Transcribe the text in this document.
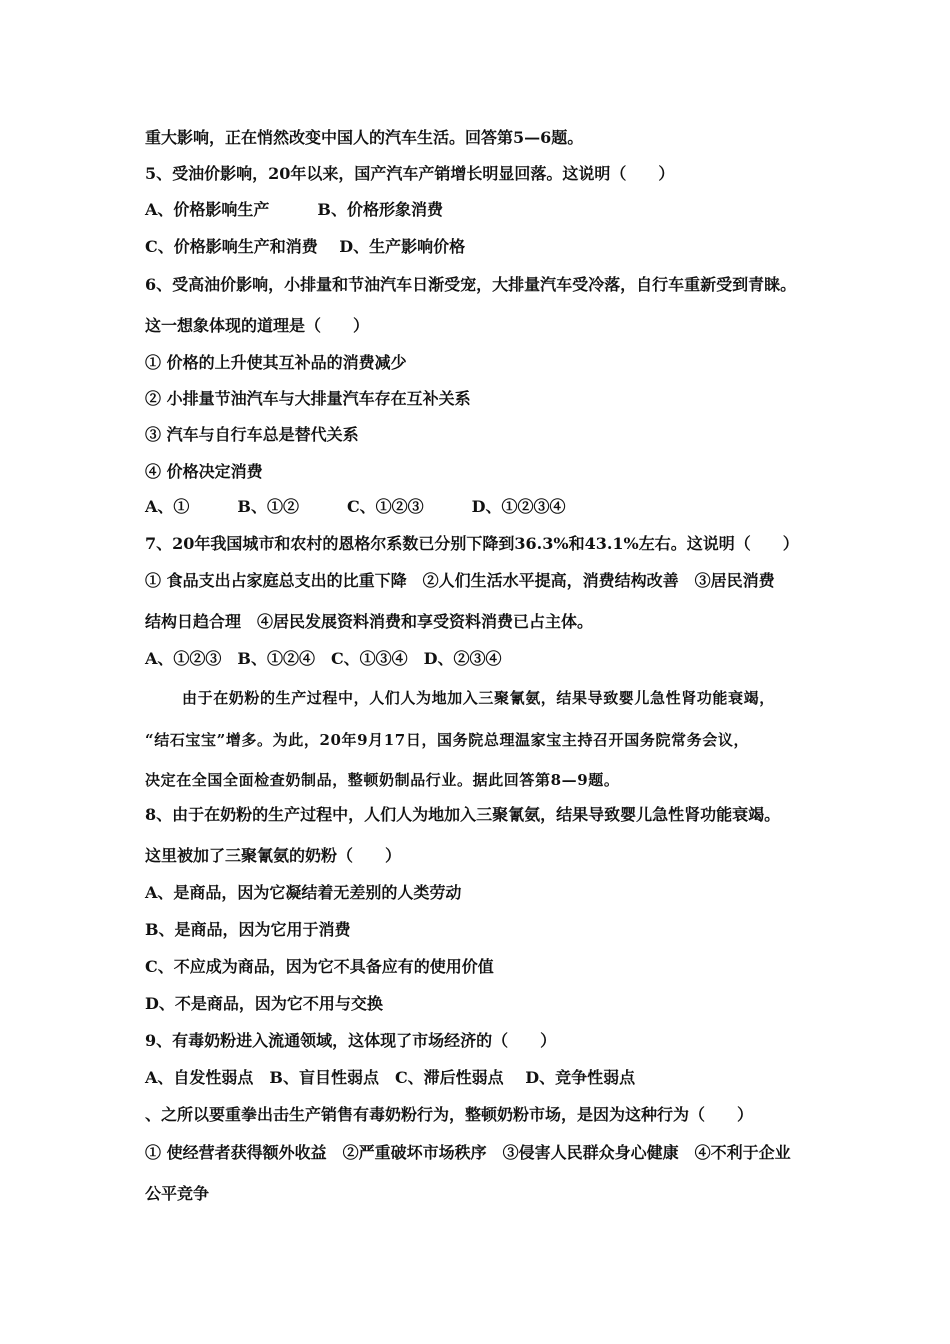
重大影响，正在悄然改变中国人的汽车生活。回答第5—6题。
5、受油价影响，20年以来，国产汽车产销增长明显回落。这说明（　　）
A、价格影响生产　　　B、价格形象消费
C、价格影响生产和消费　 D、生产影响价格
6、受高油价影响，小排量和节油汽车日渐受宠，大排量汽车受冷落，自行车重新受到青睐。
这一想象体现的道理是（　　）
① 价格的上升使其互补品的消费减少
② 小排量节油汽车与大排量汽车存在互补关系
③ 汽车与自行车总是替代关系
④ 价格决定消费
A、①　　　B、①②　　　C、①②③　　　D、①②③④
7、20年我国城市和农村的恩格尔系数已分别下降到36.3%和43.1%左右。这说明（　　）
① 食品支出占家庭总支出的比重下降　②人们生活水平提高，消费结构改善　③居民消费
结构日趋合理　④居民发展资料消费和享受资料消费已占主体。
A、①②③　B、①②④　C、①③④　D、②③④
由于在奶粉的生产过程中，人们人为地加入三聚氰氨，结果导致婴儿急性肾功能衰竭，
“结石宝宝”增多。为此，20年9月17日，国务院总理温家宝主持召开国务院常务会议，
决定在全国全面检查奶制品，整顿奶制品行业。据此回答第8—9题。
8、由于在奶粉的生产过程中，人们人为地加入三聚氰氨，结果导致婴儿急性肾功能衰竭。
这里被加了三聚氰氨的奶粉（　　）
A、是商品，因为它凝结着无差别的人类劳动
B、是商品，因为它用于消费
C、不应成为商品，因为它不具备应有的使用价值
D、不是商品，因为它不用与交换
9、有毒奶粉进入流通领域，这体现了市场经济的（　　）
A、自发性弱点　B、盲目性弱点　C、滞后性弱点　 D、竞争性弱点
、之所以要重拳出击生产销售有毒奶粉行为，整顿奶粉市场，是因为这种行为（　　）
① 使经营者获得额外收益　②严重破坏市场秩序　③侵害人民群众身心健康　④不利于企业
公平竞争
